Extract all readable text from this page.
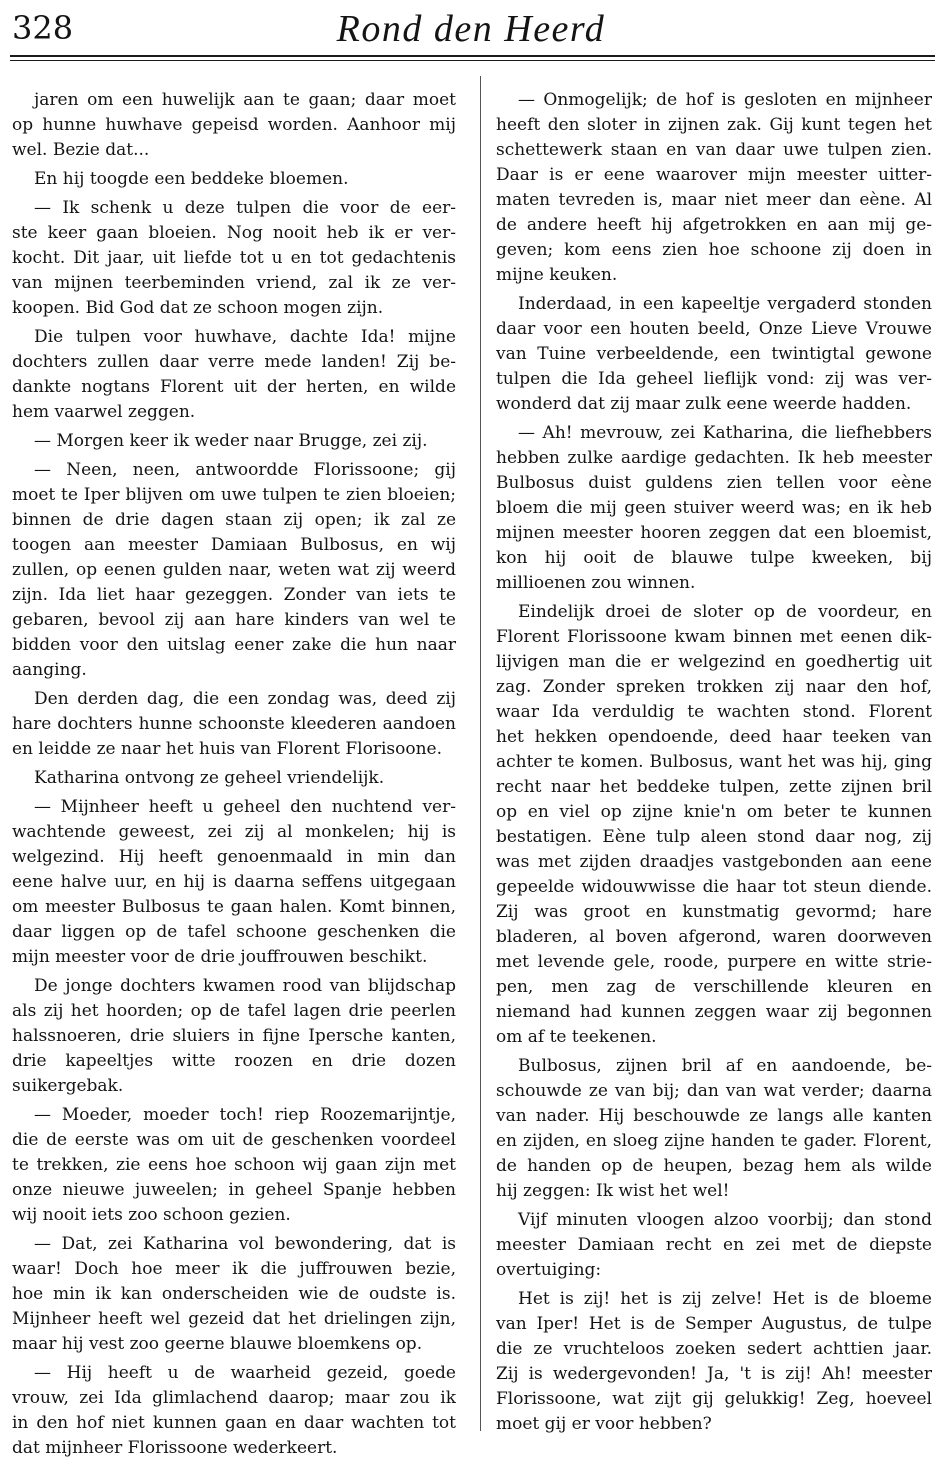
328	Rond den Heerd
jaren om een huwelijk aan te gaan; daar moet
op hunne huwhave gepeisd worden. Aanhoor mij
wel. Bezie dat...
En hij toogde een beddeke bloemen.
— Ik schenk u deze tulpen die voor de eer-
ste keer gaan bloeien. Nog nooit heb ik er ver-
kocht. Dit jaar, uit liefde tot u en tot gedachtenis
van mijnen teerbeminden vriend, zal ik ze ver-
koopen. Bid God dat ze schoon mogen zijn.
Die tulpen voor huwhave, dachte Ida! mijne
dochters zullen daar verre mede landen! Zij be-
dankte nogtans Florent uit der herten, en wilde
hem vaarwel zeggen.
— Morgen keer ik weder naar Brugge, zei zij.
— Neen, neen, antwoordde Florissoone; gij
moet te Iper blijven om uwe tulpen te zien bloeien;
binnen de drie dagen staan zij open; ik zal ze
toogen aan meester Damiaan Bulbosus, en wij
zullen, op eenen gulden naar, weten wat zij weerd
zijn. Ida liet haar gezeggen. Zonder van iets te
gebaren, bevool zij aan hare kinders van wel te
bidden voor den uitslag eener zake die hun naar
aanging.
Den derden dag, die een zondag was, deed zij
hare dochters hunne schoonste kleederen aandoen
en leidde ze naar het huis van Florent Florisoone.
Katharina ontvong ze geheel vriendelijk.
— Mijnheer heeft u geheel den nuchtend ver-
wachtende geweest, zei zij al monkelen; hij is
welgezind. Hij heeft genoenmaald in min dan
eene halve uur, en hij is daarna seffens uitgegaan
om meester Bulbosus te gaan halen. Komt binnen,
daar liggen op de tafel schoone geschenken die
mijn meester voor de drie jouffrouwen beschikt.
De jonge dochters kwamen rood van blijdschap
als zij het hoorden; op de tafel lagen drie peerlen
halssnoeren, drie sluiers in fijne Ipersche kanten,
drie kapeeltjes witte roozen en drie dozen
suikergebak.
— Moeder, moeder toch! riep Roozemarijntje,
die de eerste was om uit de geschenken voordeel
te trekken, zie eens hoe schoon wij gaan zijn met
onze nieuwe juweelen; in geheel Spanje hebben
wij nooit iets zoo schoon gezien.
— Dat, zei Katharina vol bewondering, dat is
waar! Doch hoe meer ik die juffrouwen bezie,
hoe min ik kan onderscheiden wie de oudste is.
Mijnheer heeft wel gezeid dat het drielingen zijn,
maar hij vest zoo geerne blauwe bloemkens op.
— Hij heeft u de waarheid gezeid, goede
vrouw, zei Ida glimlachend daarop; maar zou ik
in den hof niet kunnen gaan en daar wachten tot
dat mijnheer Florissoone wederkeert.
— Onmogelijk; de hof is gesloten en mijnheer
heeft den sloter in zijnen zak. Gij kunt tegen het
schettewerk staan en van daar uwe tulpen zien.
Daar is er eene waarover mijn meester uitter-
maten tevreden is, maar niet meer dan eène. Al
de andere heeft hij afgetrokken en aan mij ge-
geven; kom eens zien hoe schoone zij doen in
mijne keuken.
Inderdaad, in een kapeeltje vergaderd stonden
daar voor een houten beeld, Onze Lieve Vrouwe
van Tuine verbeeldende, een twintigtal gewone
tulpen die Ida geheel lieflijk vond: zij was ver-
wonderd dat zij maar zulk eene weerde hadden.
— Ah! mevrouw, zei Katharina, die liefhebbers
hebben zulke aardige gedachten. Ik heb meester
Bulbosus duist guldens zien tellen voor eène
bloem die mij geen stuiver weerd was; en ik heb
mijnen meester hooren zeggen dat een bloemist,
kon hij ooit de blauwe tulpe kweeken, bij
millioenen zou winnen.
Eindelijk droei de sloter op de voordeur, en
Florent Florissoone kwam binnen met eenen dik-
lijvigen man die er welgezind en goedhertig uit
zag. Zonder spreken trokken zij naar den hof,
waar Ida verduldig te wachten stond. Florent
het hekken opendoende, deed haar teeken van
achter te komen. Bulbosus, want het was hij, ging
recht naar het beddeke tulpen, zette zijnen bril
op en viel op zijne knie'n om beter te kunnen
bestatigen. Eène tulp aleen stond daar nog, zij
was met zijden draadjes vastgebonden aan eene
gepeelde widouwwisse die haar tot steun diende.
Zij was groot en kunstmatig gevormd; hare
bladeren, al boven afgerond, waren doorweven
met levende gele, roode, purpere en witte strie-
pen, men zag de verschillende kleuren en
niemand had kunnen zeggen waar zij begonnen
om af te teekenen.
Bulbosus, zijnen bril af en aandoende, be-
schouwde ze van bij; dan van wat verder; daarna
van nader. Hij beschouwde ze langs alle kanten
en zijden, en sloeg zijne handen te gader. Florent,
de handen op de heupen, bezag hem als wilde
hij zeggen: Ik wist het wel!
Vijf minuten vloogen alzoo voorbij; dan stond
meester Damiaan recht en zei met de diepste
overtuiging:
Het is zij! het is zij zelve! Het is de bloeme
van Iper! Het is de Semper Augustus, de tulpe
die ze vruchteloos zoeken sedert achttien jaar.
Zij is wedergevonden! Ja, 't is zij! Ah! meester
Florissoone, wat zijt gij gelukkig! Zeg, hoeveel
moet gij er voor hebben?
